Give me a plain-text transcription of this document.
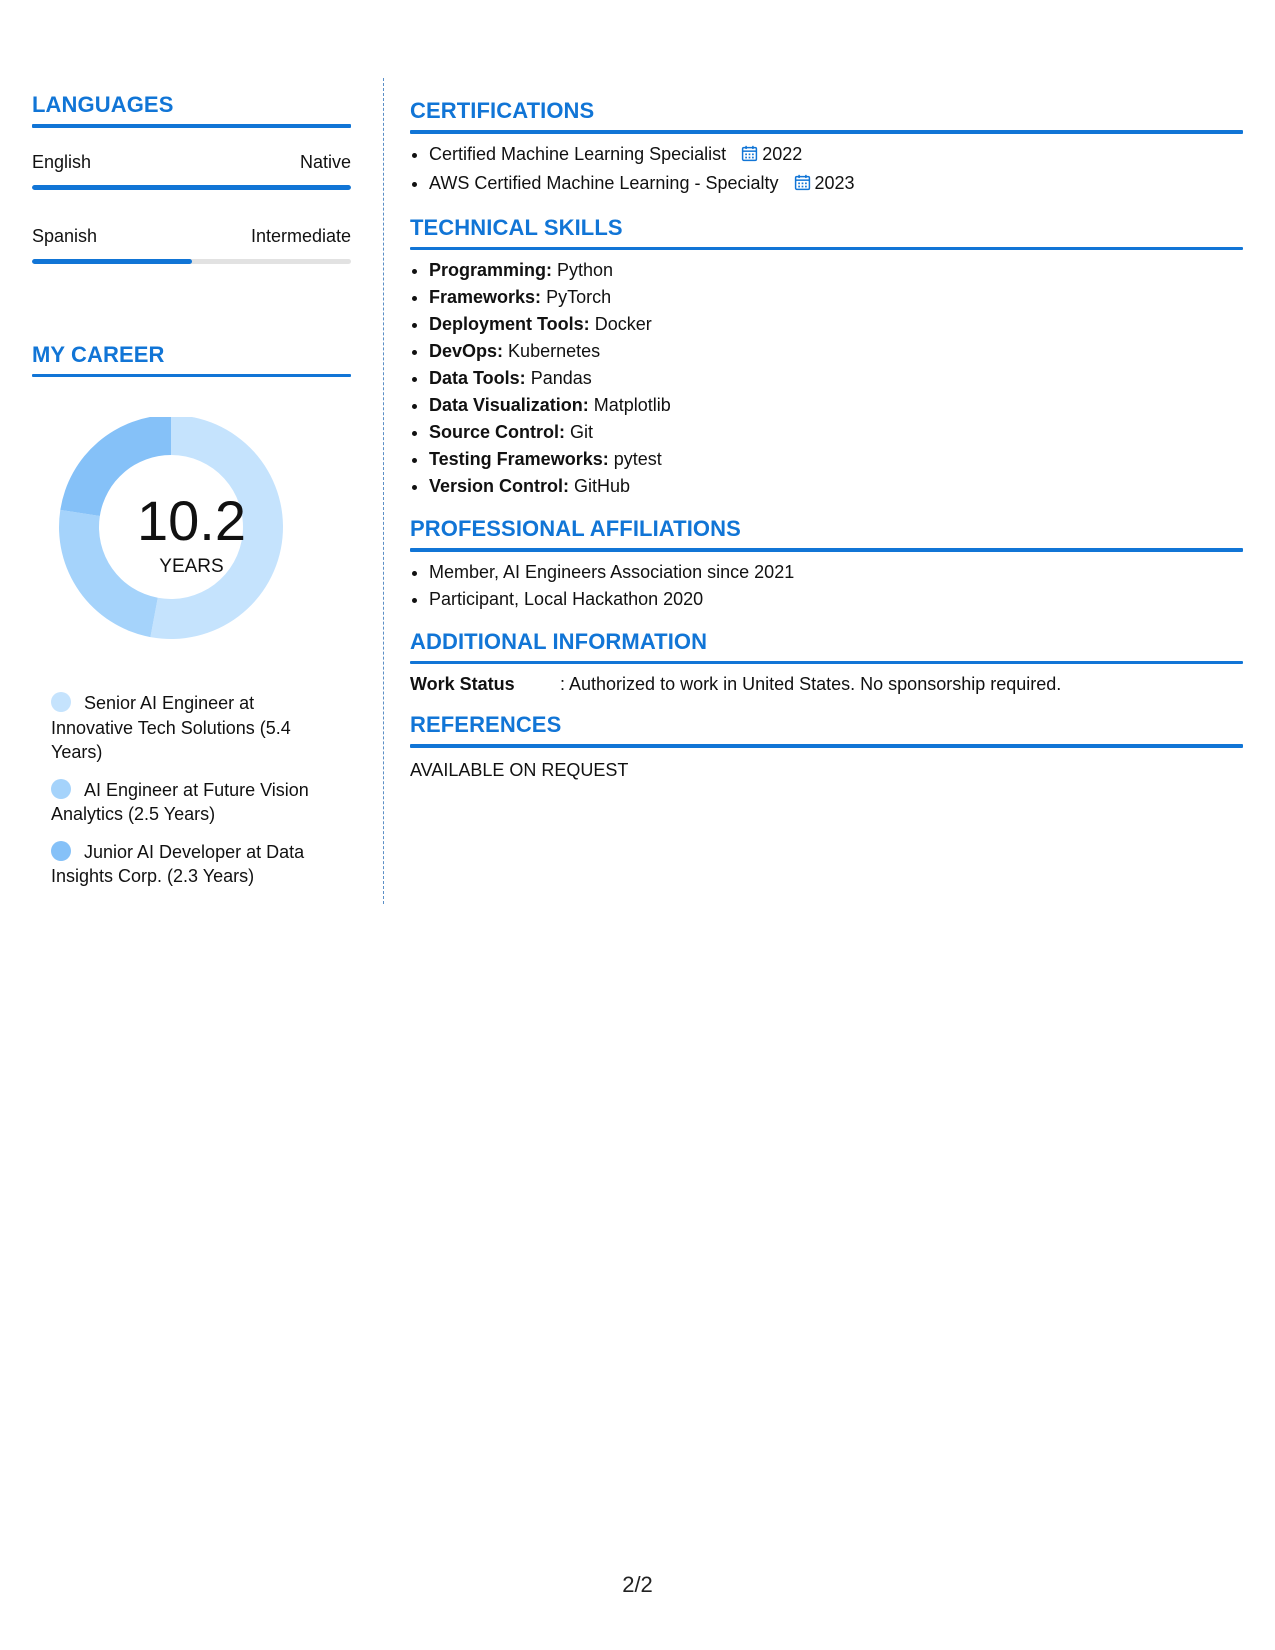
LANGUAGES
English	Native
Spanish	Intermediate
MY CAREER
10.2
YEARS
Senior AI Engineer at Innovative Tech Solutions (5.4 Years)
AI Engineer at Future Vision Analytics (2.5 Years)
Junior AI Developer at Data Insights Corp. (2.3 Years)
CERTIFICATIONS
• Certified Machine Learning Specialist 2022
• AWS Certified Machine Learning - Specialty 2023
TECHNICAL SKILLS
• Programming: Python
• Frameworks: PyTorch
• Deployment Tools: Docker
• DevOps: Kubernetes
• Data Tools: Pandas
• Data Visualization: Matplotlib
• Source Control: Git
• Testing Frameworks: pytest
• Version Control: GitHub
PROFESSIONAL AFFILIATIONS
• Member, AI Engineers Association since 2021
• Participant, Local Hackathon 2020
ADDITIONAL INFORMATION
Work Status	: Authorized to work in United States. No sponsorship required.
REFERENCES
AVAILABLE ON REQUEST
2/2
